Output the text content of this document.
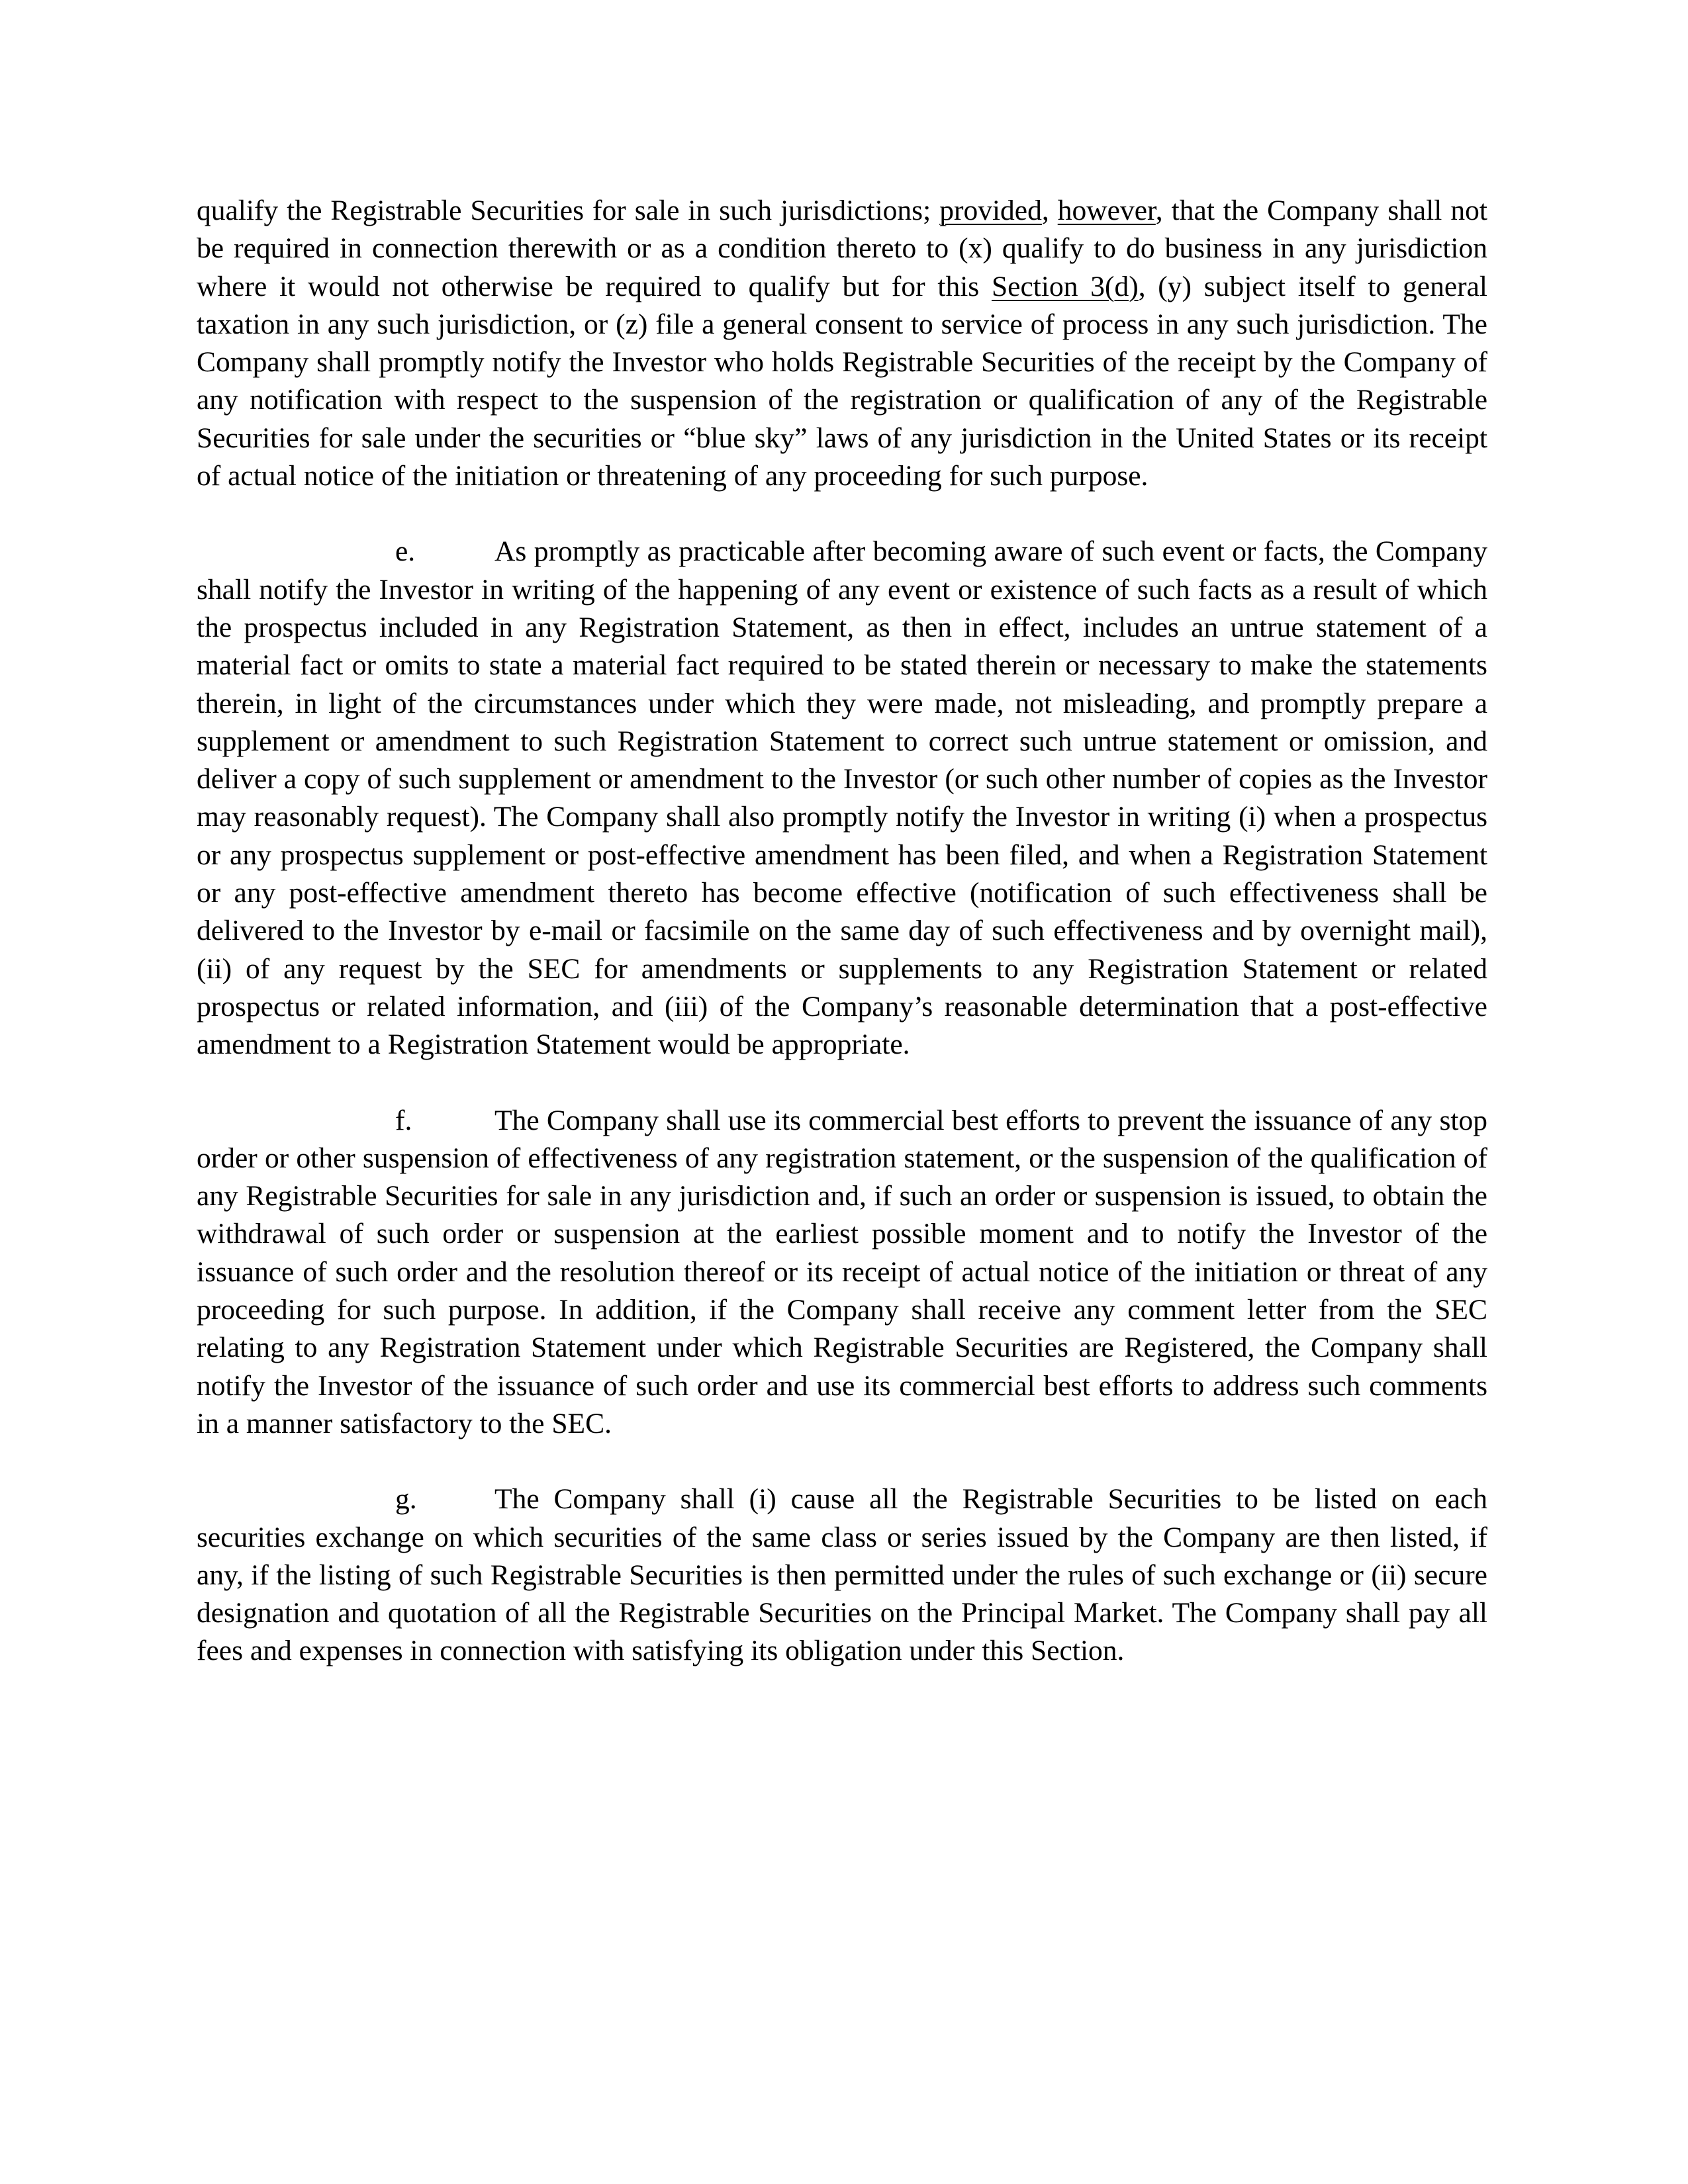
qualify the Registrable Securities for sale in such jurisdictions; provided, however, that the Company shall not be required in connection therewith or as a condition thereto to (x) qualify to do business in any jurisdiction where it would not otherwise be required to qualify but for this Section 3(d), (y) subject itself to general taxation in any such jurisdiction, or (z) file a general consent to service of process in any such jurisdiction. The Company shall promptly notify the Investor who holds Registrable Securities of the receipt by the Company of any notification with respect to the suspension of the registration or qualification of any of the Registrable Securities for sale under the securities or “blue sky” laws of any jurisdiction in the United States or its receipt of actual notice of the initiation or threatening of any proceeding for such purpose.

e.	As promptly as practicable after becoming aware of such event or facts, the Company shall notify the Investor in writing of the happening of any event or existence of such facts as a result of which the prospectus included in any Registration Statement, as then in effect, includes an untrue statement of a material fact or omits to state a material fact required to be stated therein or necessary to make the statements therein, in light of the circumstances under which they were made, not misleading, and promptly prepare a supplement or amendment to such Registration Statement to correct such untrue statement or omission, and deliver a copy of such supplement or amendment to the Investor (or such other number of copies as the Investor may reasonably request). The Company shall also promptly notify the Investor in writing (i) when a prospectus or any prospectus supplement or post-effective amendment has been filed, and when a Registration Statement or any post-effective amendment thereto has become effective (notification of such effectiveness shall be delivered to the Investor by e-mail or facsimile on the same day of such effectiveness and by overnight mail), (ii) of any request by the SEC for amendments or supplements to any Registration Statement or related prospectus or related information, and (iii) of the Company’s reasonable determination that a post-effective amendment to a Registration Statement would be appropriate.

f.	The Company shall use its commercial best efforts to prevent the issuance of any stop order or other suspension of effectiveness of any registration statement, or the suspension of the qualification of any Registrable Securities for sale in any jurisdiction and, if such an order or suspension is issued, to obtain the withdrawal of such order or suspension at the earliest possible moment and to notify the Investor of the issuance of such order and the resolution thereof or its receipt of actual notice of the initiation or threat of any proceeding for such purpose. In addition, if the Company shall receive any comment letter from the SEC relating to any Registration Statement under which Registrable Securities are Registered, the Company shall notify the Investor of the issuance of such order and use its commercial best efforts to address such comments in a manner satisfactory to the SEC.

g.	The Company shall (i) cause all the Registrable Securities to be listed on each securities exchange on which securities of the same class or series issued by the Company are then listed, if any, if the listing of such Registrable Securities is then permitted under the rules of such exchange or (ii) secure designation and quotation of all the Registrable Securities on the Principal Market. The Company shall pay all fees and expenses in connection with satisfying its obligation under this Section.
